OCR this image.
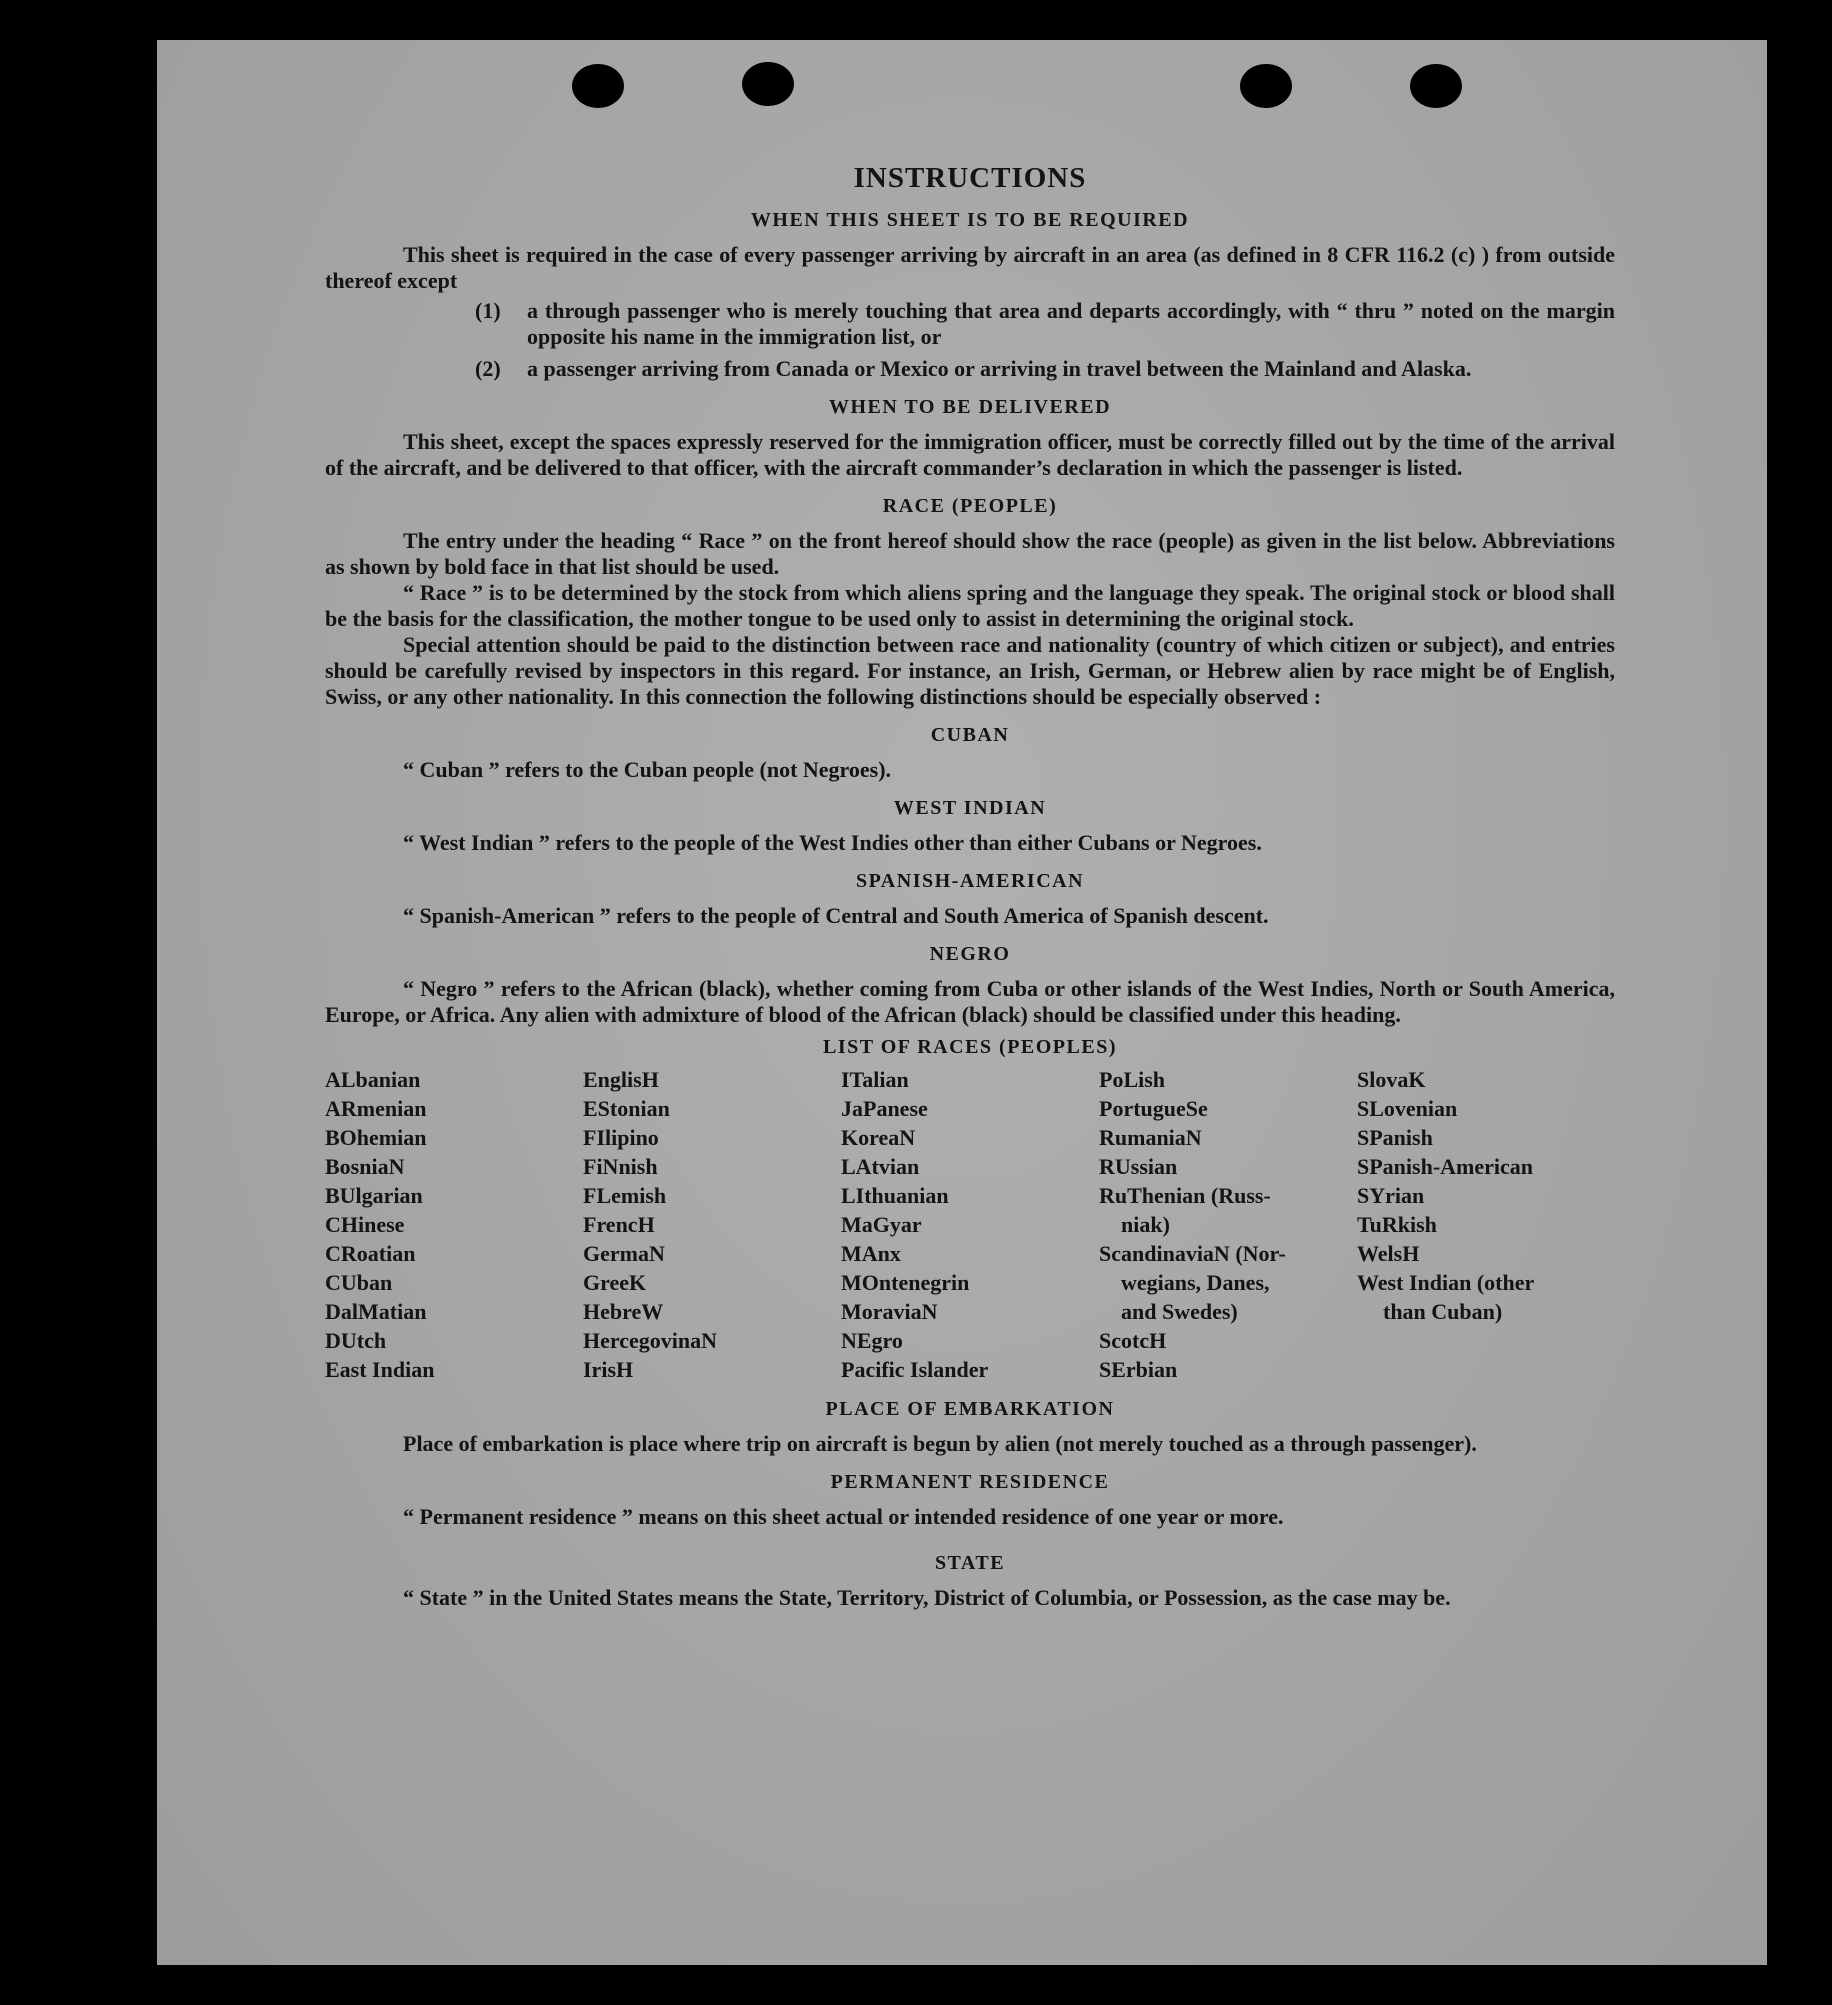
INSTRUCTIONS
WHEN THIS SHEET IS TO BE REQUIRED

This sheet is required in the case of every passenger arriving by aircraft in an area (as defined in 8 CFR 116.2 (c) ) from outside thereof except

(1)	a through passenger who is merely touching that area and departs accordingly, with “ thru ” noted on the margin opposite his name in the immigration list, or
(2)	a passenger arriving from Canada or Mexico or arriving in travel between the Mainland and Alaska.
WHEN TO BE DELIVERED

This sheet, except the spaces expressly reserved for the immigration officer, must be correctly filled out by the time of the arrival of the aircraft, and be delivered to that officer, with the aircraft commander’s declaration in which the passenger is listed.

RACE (PEOPLE)

The entry under the heading “ Race ” on the front hereof should show the race (people) as given in the list below. Abbreviations as shown by bold face in that list should be used.

“ Race ” is to be determined by the stock from which aliens spring and the language they speak. The original stock or blood shall be the basis for the classification, the mother tongue to be used only to assist in determining the original stock.

Special attention should be paid to the distinction between race and nationality (country of which citizen or subject), and entries should be carefully revised by inspectors in this regard. For instance, an Irish, German, or Hebrew alien by race might be of English, Swiss, or any other nationality. In this connection the following distinctions should be especially observed :

CUBAN

“ Cuban ” refers to the Cuban people (not Negroes).

WEST INDIAN

“ West Indian ” refers to the people of the West Indies other than either Cubans or Negroes.

SPANISH-AMERICAN

“ Spanish-American ” refers to the people of Central and South America of Spanish descent.

NEGRO

“ Negro ” refers to the African (black), whether coming from Cuba or other islands of the West Indies, North or South America, Europe, or Africa. Any alien with admixture of blood of the African (black) should be classified under this heading.

LIST OF RACES (PEOPLES)
ALbanian
ARmenian
BOhemian
BosniaN
BUlgarian
CHinese
CRoatian
CUban
DalMatian
DUtch
East Indian
EnglisH
EStonian
FIlipino
FiNnish
FLemish
FrencH
GermaN
GreeK
HebreW
HercegovinaN
IrisH
ITalian
JaPanese
KoreaN
LAtvian
LIthuanian
MaGyar
MAnx
MOntenegrin
MoraviaN
NEgro
Pacific Islander
PoLish
PortugueSe
RumaniaN
RUssian
RuThenian (Russ-
niak)
ScandinaviaN (Nor-
wegians, Danes,
and Swedes)
ScotcH
SErbian
SlovaK
SLovenian
SPanish
SPanish-American
SYrian
TuRkish
WelsH
West Indian (other
than Cuban)
PLACE OF EMBARKATION

Place of embarkation is place where trip on aircraft is begun by alien (not merely touched as a through passenger).

PERMANENT RESIDENCE

“ Permanent residence ” means on this sheet actual or intended residence of one year or more.

STATE

“ State ” in the United States means the State, Territory, District of Columbia, or Possession, as the case may be.
